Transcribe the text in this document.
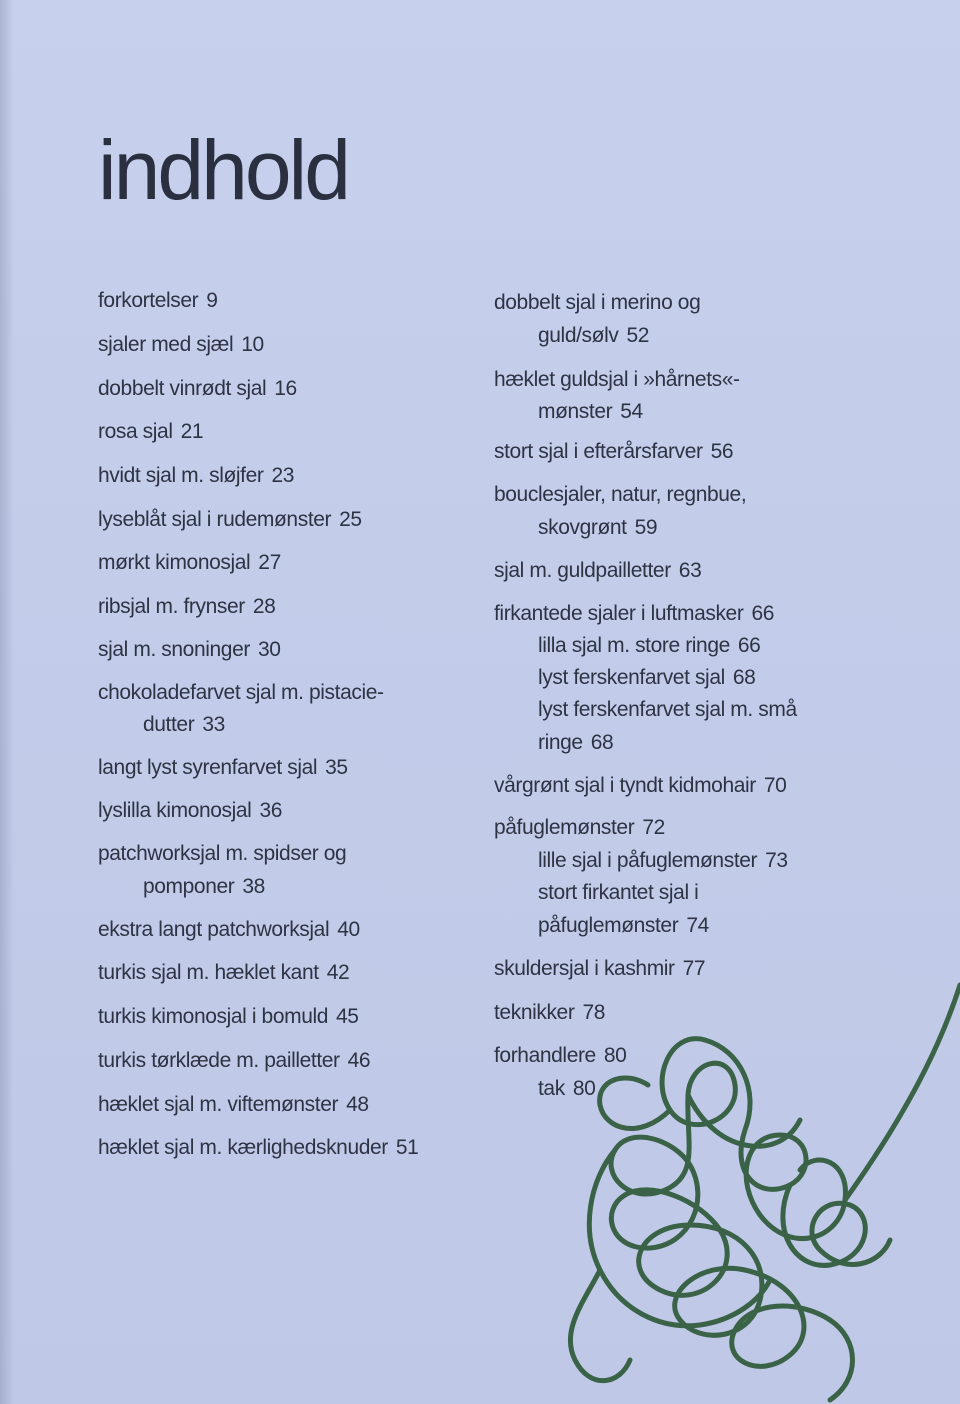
indhold
forkortelser 9
sjaler med sjæl 10
dobbelt vinrødt sjal 16
rosa sjal 21
hvidt sjal m. sløjfer 23
lyseblåt sjal i rudemønster 25
mørkt kimonosjal 27
ribsjal m. frynser 28
sjal m. snoninger 30
chokoladefarvet sjal m. pistacie-
dutter 33
langt lyst syrenfarvet sjal 35
lyslilla kimonosjal 36
patchworksjal m. spidser og
pomponer 38
ekstra langt patchworksjal 40
turkis sjal m. hæklet kant 42
turkis kimonosjal i bomuld 45
turkis tørklæde m. pailletter 46
hæklet sjal m. viftemønster 48
hæklet sjal m. kærlighedsknuder 51
dobbelt sjal i merino og
guld/sølv 52
hæklet guldsjal i »hårnets«-
mønster 54
stort sjal i efterårsfarver 56
bouclesjaler, natur, regnbue,
skovgrønt 59
sjal m. guldpailletter 63
firkantede sjaler i luftmasker 66
lilla sjal m. store ringe 66
lyst ferskenfarvet sjal 68
lyst ferskenfarvet sjal m. små
ringe 68
vårgrønt sjal i tyndt kidmohair 70
påfuglemønster 72
lille sjal i påfuglemønster 73
stort firkantet sjal i
påfuglemønster 74
skuldersjal i kashmir 77
teknikker 78
forhandlere 80
tak 80
